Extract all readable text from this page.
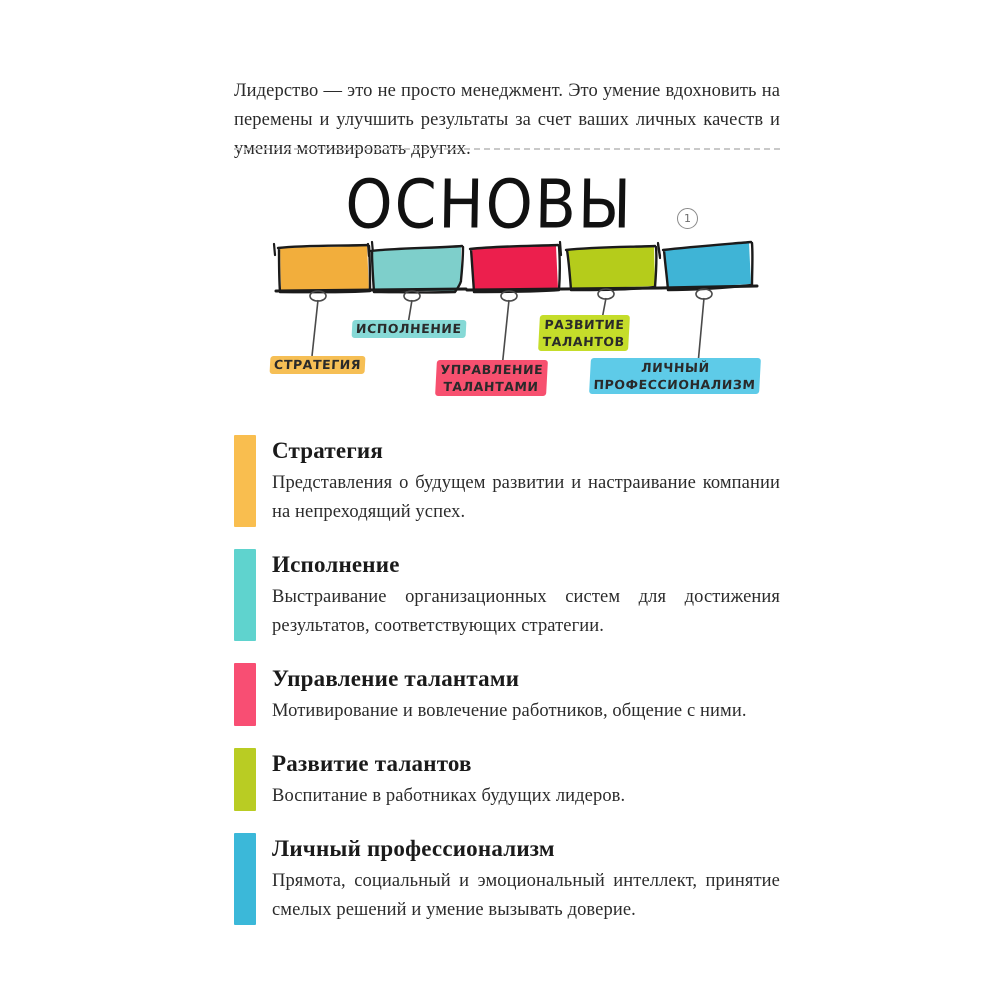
Лидерство — это не просто менеджмент. Это умение вдохновить на перемены и улучшить результаты за счет ваших личных качеств и умения мотивировать других.

ОСНОВЫ	1
СТРАТЕГИЯ
ИСПОЛНЕНИЕ
УПРАВЛЕНИЕ
ТАЛАНТАМИ
РАЗВИТИЕ
ТАЛАНТОВ
ЛИЧНЫЙ
ПРОФЕССИОНАЛИЗМ
Стратегия
Представления о будущем развитии и настраивание компании на непреходящий успех.
Исполнение
Выстраивание организационных систем для достижения результатов, соответствующих стратегии.
Управление талантами
Мотивирование и вовлечение работников, общение с ними.
Развитие талантов
Воспитание в работниках будущих лидеров.
Личный профессионализм
Прямота, социальный и эмоциональный интеллект, принятие смелых решений и умение вызывать доверие.
